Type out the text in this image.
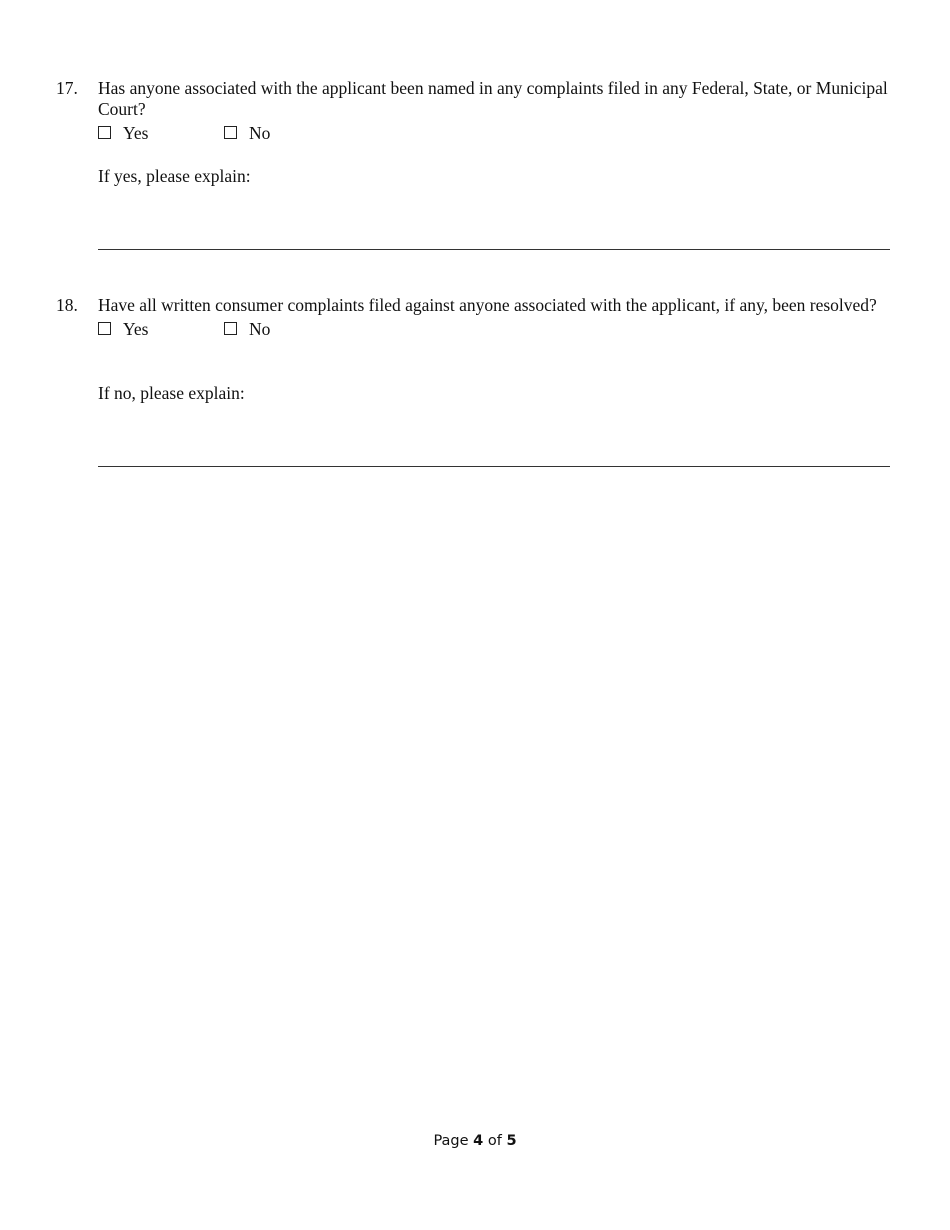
17. Has anyone associated with the applicant been named in any complaints filed in any Federal, State, or Municipal Court?

Yes	No
If yes, please explain:
18. Have all written consumer complaints filed against anyone associated with the applicant, if any, been resolved?

Yes	No
If no, please explain:
Page 4 of 5
